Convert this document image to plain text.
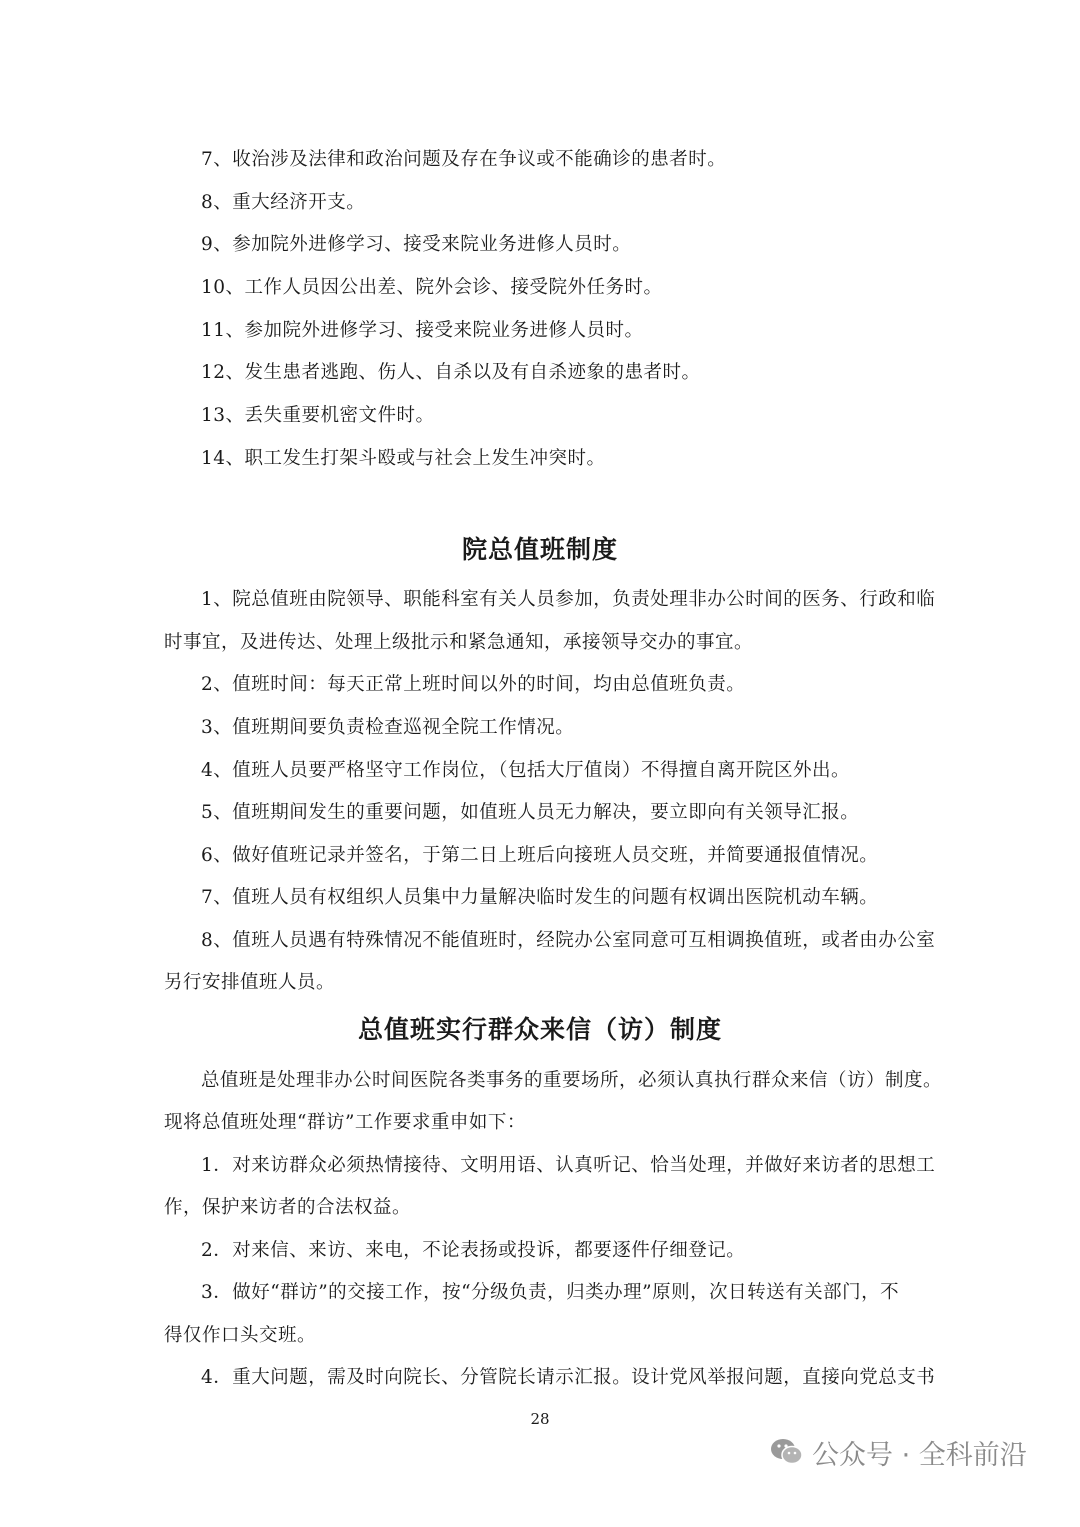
7、收治涉及法律和政治问题及存在争议或不能确诊的患者时。
8、重大经济开支。
9、参加院外进修学习、接受来院业务进修人员时。
10、工作人员因公出差、院外会诊、接受院外任务时。
11、参加院外进修学习、接受来院业务进修人员时。
12、发生患者逃跑、伤人、自杀以及有自杀迹象的患者时。
13、丢失重要机密文件时。
14、职工发生打架斗殴或与社会上发生冲突时。
院总值班制度
1、院总值班由院领导、职能科室有关人员参加，负责处理非办公时间的医务、行政和临
时事宜，及进传达、处理上级批示和紧急通知，承接领导交办的事宜。
2、值班时间：每天正常上班时间以外的时间，均由总值班负责。
3、值班期间要负责检查巡视全院工作情况。
4、值班人员要严格坚守工作岗位，（包括大厅值岗）不得擅自离开院区外出。
5、值班期间发生的重要问题，如值班人员无力解决，要立即向有关领导汇报。
6、做好值班记录并签名，于第二日上班后向接班人员交班，并简要通报值情况。
7、值班人员有权组织人员集中力量解决临时发生的问题有权调出医院机动车辆。
8、值班人员遇有特殊情况不能值班时，经院办公室同意可互相调换值班，或者由办公室
另行安排值班人员。
总值班实行群众来信（访）制度
总值班是处理非办公时间医院各类事务的重要场所，必须认真执行群众来信（访）制度。
现将总值班处理“群访”工作要求重申如下：
1．对来访群众必须热情接待、文明用语、认真听记、恰当处理，并做好来访者的思想工
作，保护来访者的合法权益。
2．对来信、来访、来电，不论表扬或投诉，都要逐件仔细登记。
3．做好“群访”的交接工作，按“分级负责，归类办理”原则，次日转送有关部门，不
得仅作口头交班。
4．重大问题，需及时向院长、分管院长请示汇报。设计党风举报问题，直接向党总支书
28
公众号 · 全科前沿
